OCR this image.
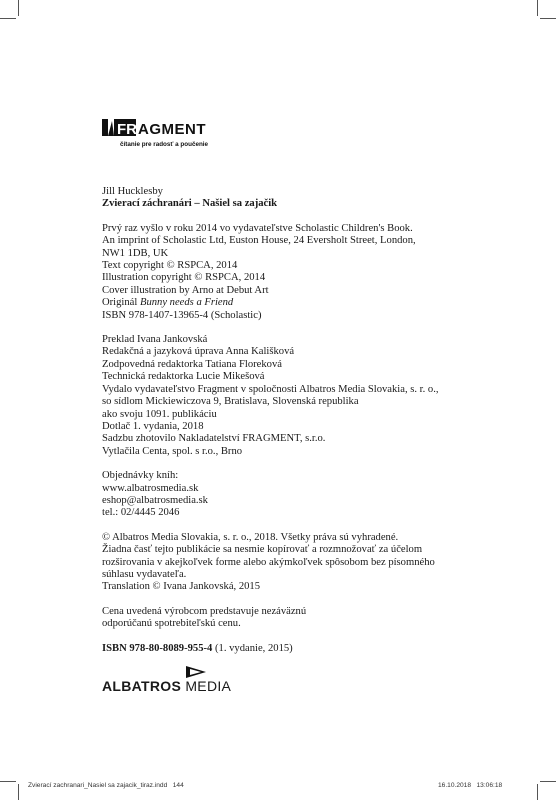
FR AGMENT
čítanie pre radosť a poučenie

Jill Hucklesby

Zvierací záchranári – Našiel sa zajačik

Prvý raz vyšlo v roku 2014 vo vydavateľstve Scholastic Children's Book.

An imprint of Scholastic Ltd, Euston House, 24 Eversholt Street, London,

NW1 1DB, UK

Text copyright © RSPCA, 2014

Illustration copyright © RSPCA, 2014

Cover illustration by Arno at Debut Art

Originál Bunny needs a Friend

ISBN 978-1407-13965-4 (Scholastic)

Preklad Ivana Jankovská

Redakčná a jazyková úprava Anna Kališková

Zodpovedná redaktorka Tatiana Floreková

Technická redaktorka Lucie Mikešová

Vydalo vydavateľstvo Fragment v spoločnosti Albatros Media Slovakia, s. r. o.,

so sídlom Mickiewiczova 9, Bratislava, Slovenská republika

ako svoju 1091. publikáciu

Dotlač 1. vydania, 2018

Sadzbu zhotovilo Nakladatelství FRAGMENT, s.r.o.

Vytlačila Centa, spol. s r.o., Brno

Objednávky kníh:

www.albatrosmedia.sk

eshop@albatrosmedia.sk

tel.: 02/4445 2046

© Albatros Media Slovakia, s. r. o., 2018. Všetky práva sú vyhradené.

Žiadna časť tejto publikácie sa nesmie kopírovať a rozmnožovať za účelom

rozširovania v akejkoľvek forme alebo akýmkoľvek spôsobom bez písomného

súhlasu vydavateľa.

Translation © Ivana Jankovská, 2015

Cena uvedená výrobcom predstavuje nezáväznú

odporúčanú spotrebiteľskú cenu.

ISBN 978-80-8089-955-4 (1. vydanie, 2015)

ALBATROS MEDIA
Zvierací zachranari_Nasiel sa zajacik_tiraz.indd 144	16.10.2018 13:06:18
